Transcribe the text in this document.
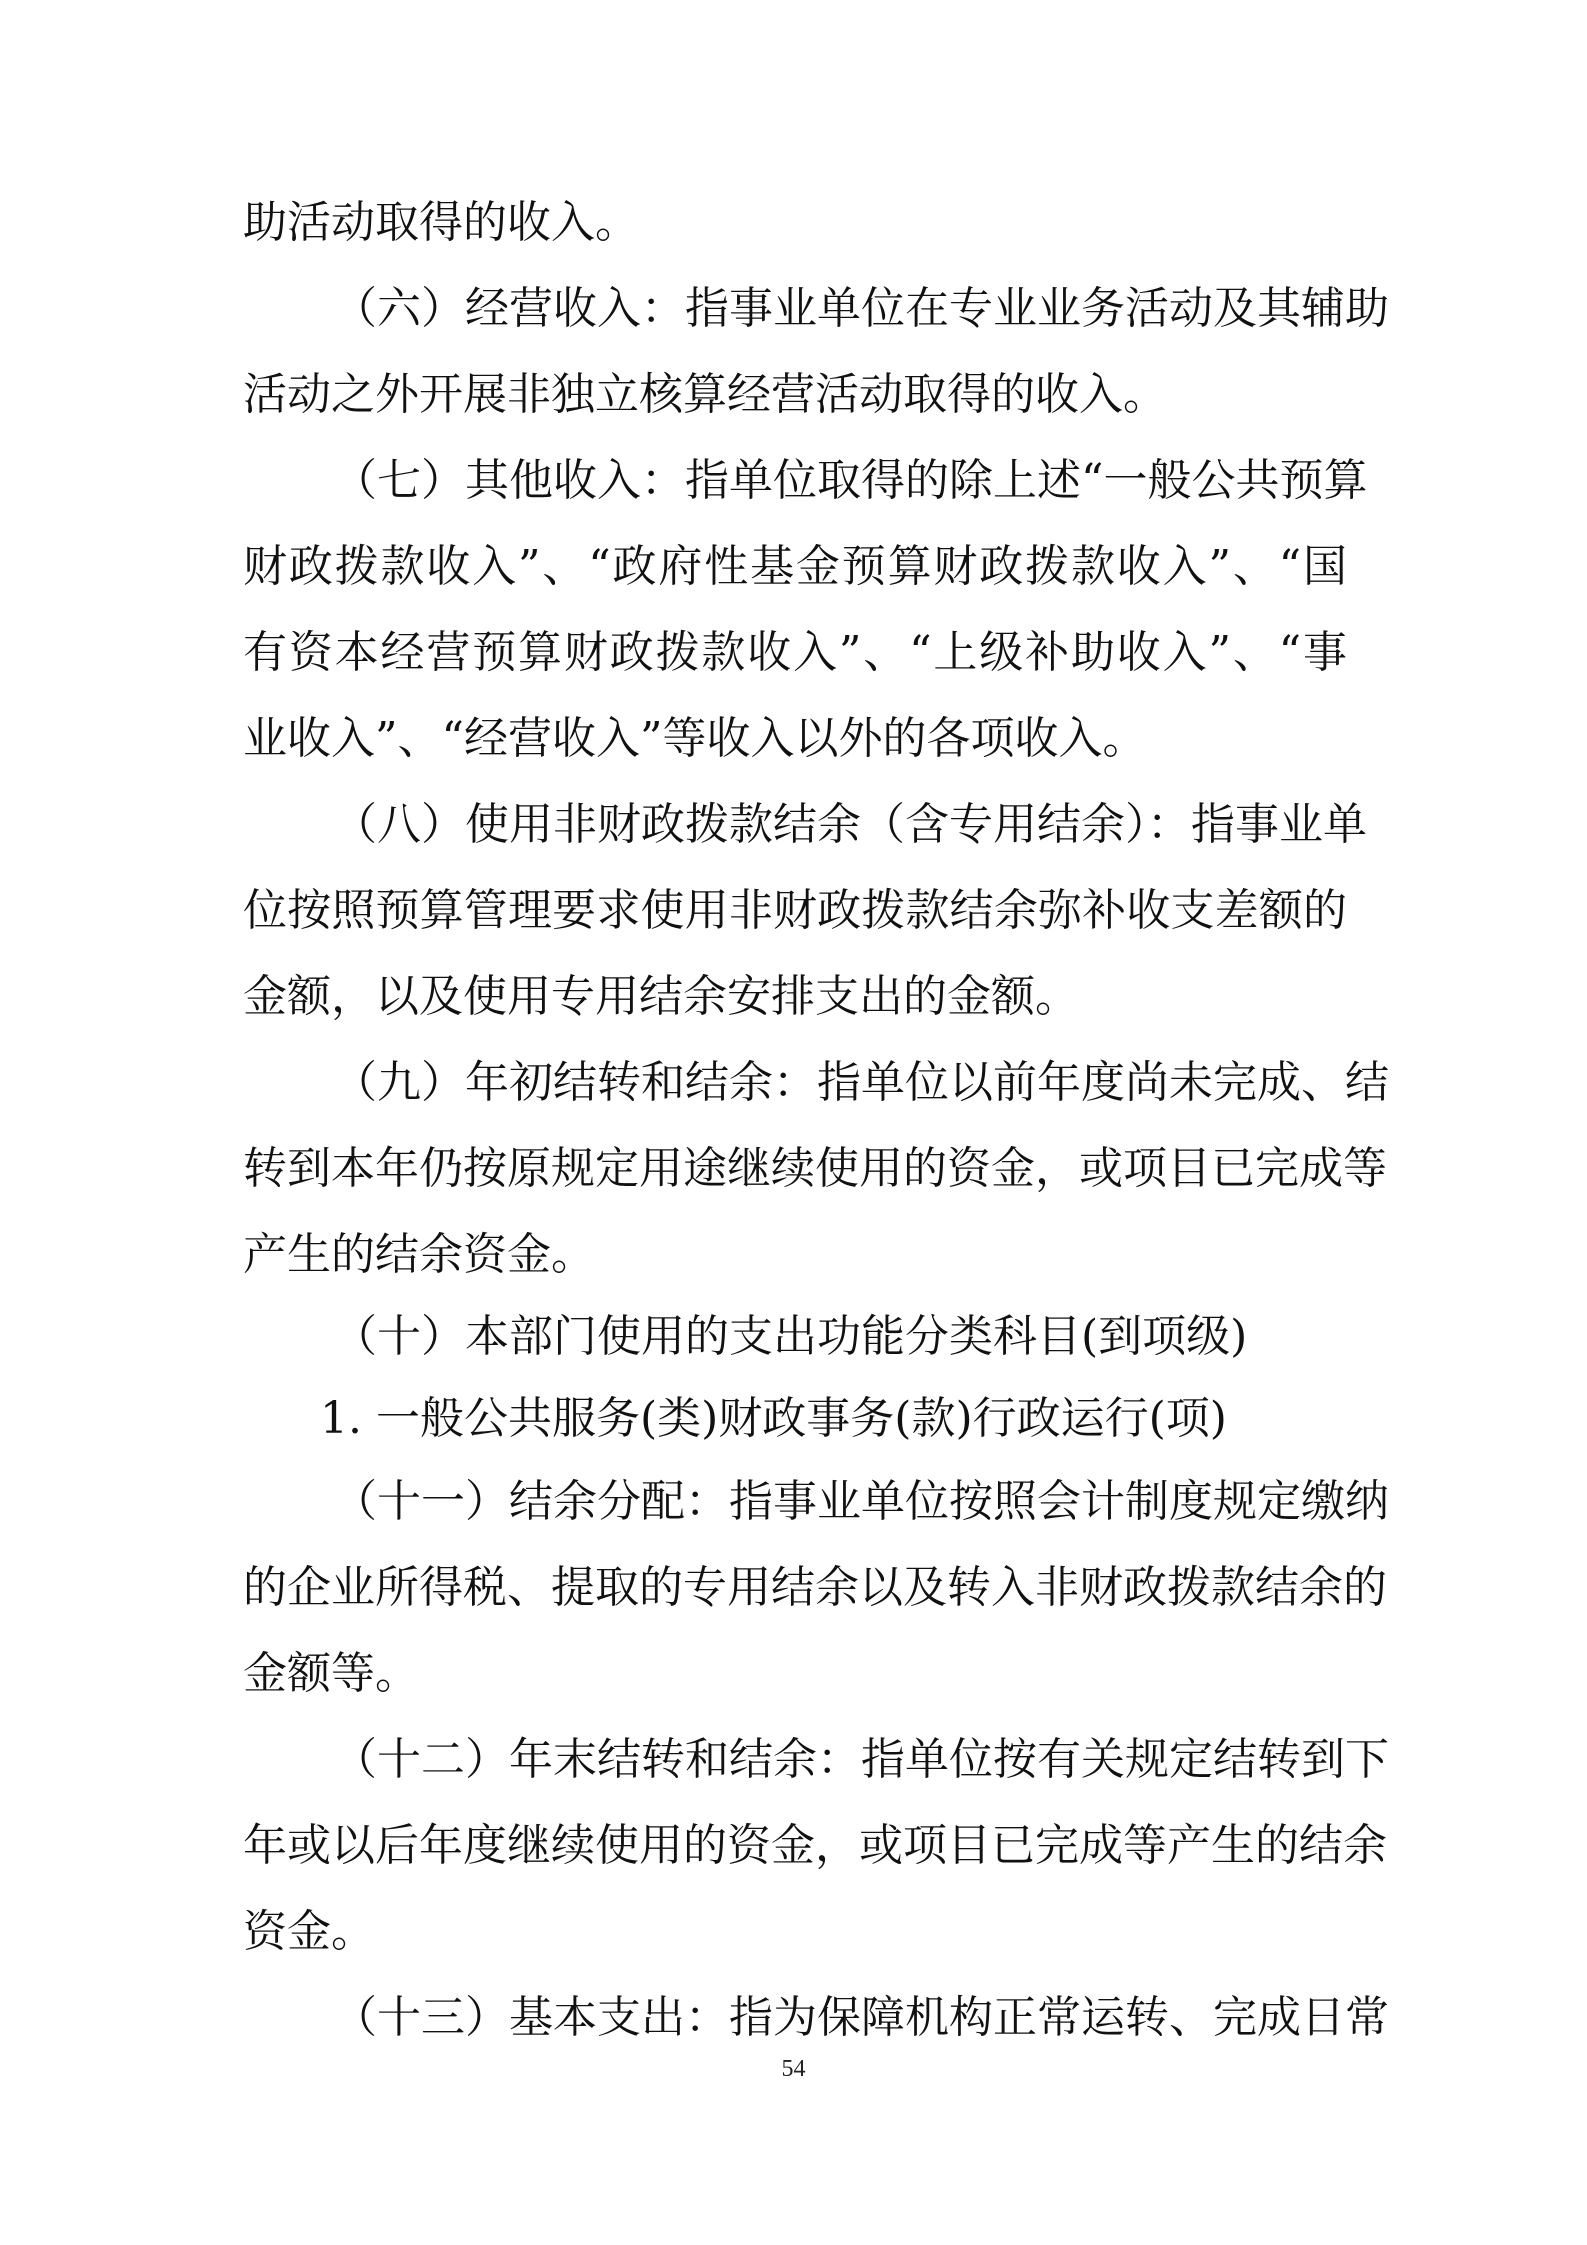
助活动取得的收入。
（六）经营收入：指事业单位在专业业务活动及其辅助
活动之外开展非独立核算经营活动取得的收入。
（七）其他收入：指单位取得的除上述“一般公共预算
财政拨款收入”、“政府性基金预算财政拨款收入”、“国
有资本经营预算财政拨款收入”、“上级补助收入”、“事
业收入”、“经营收入”等收入以外的各项收入。
（八）使用非财政拨款结余（含专用结余）：指事业单
位按照预算管理要求使用非财政拨款结余弥补收支差额的
金额，以及使用专用结余安排支出的金额。
（九）年初结转和结余：指单位以前年度尚未完成、结
转到本年仍按原规定用途继续使用的资金，或项目已完成等
产生的结余资金。
（十）本部门使用的支出功能分类科目(到项级)
1. 一般公共服务(类)财政事务(款)行政运行(项)
（十一）结余分配：指事业单位按照会计制度规定缴纳
的企业所得税、提取的专用结余以及转入非财政拨款结余的
金额等。
（十二）年末结转和结余：指单位按有关规定结转到下
年或以后年度继续使用的资金，或项目已完成等产生的结余
资金。
（十三）基本支出：指为保障机构正常运转、完成日常
54
